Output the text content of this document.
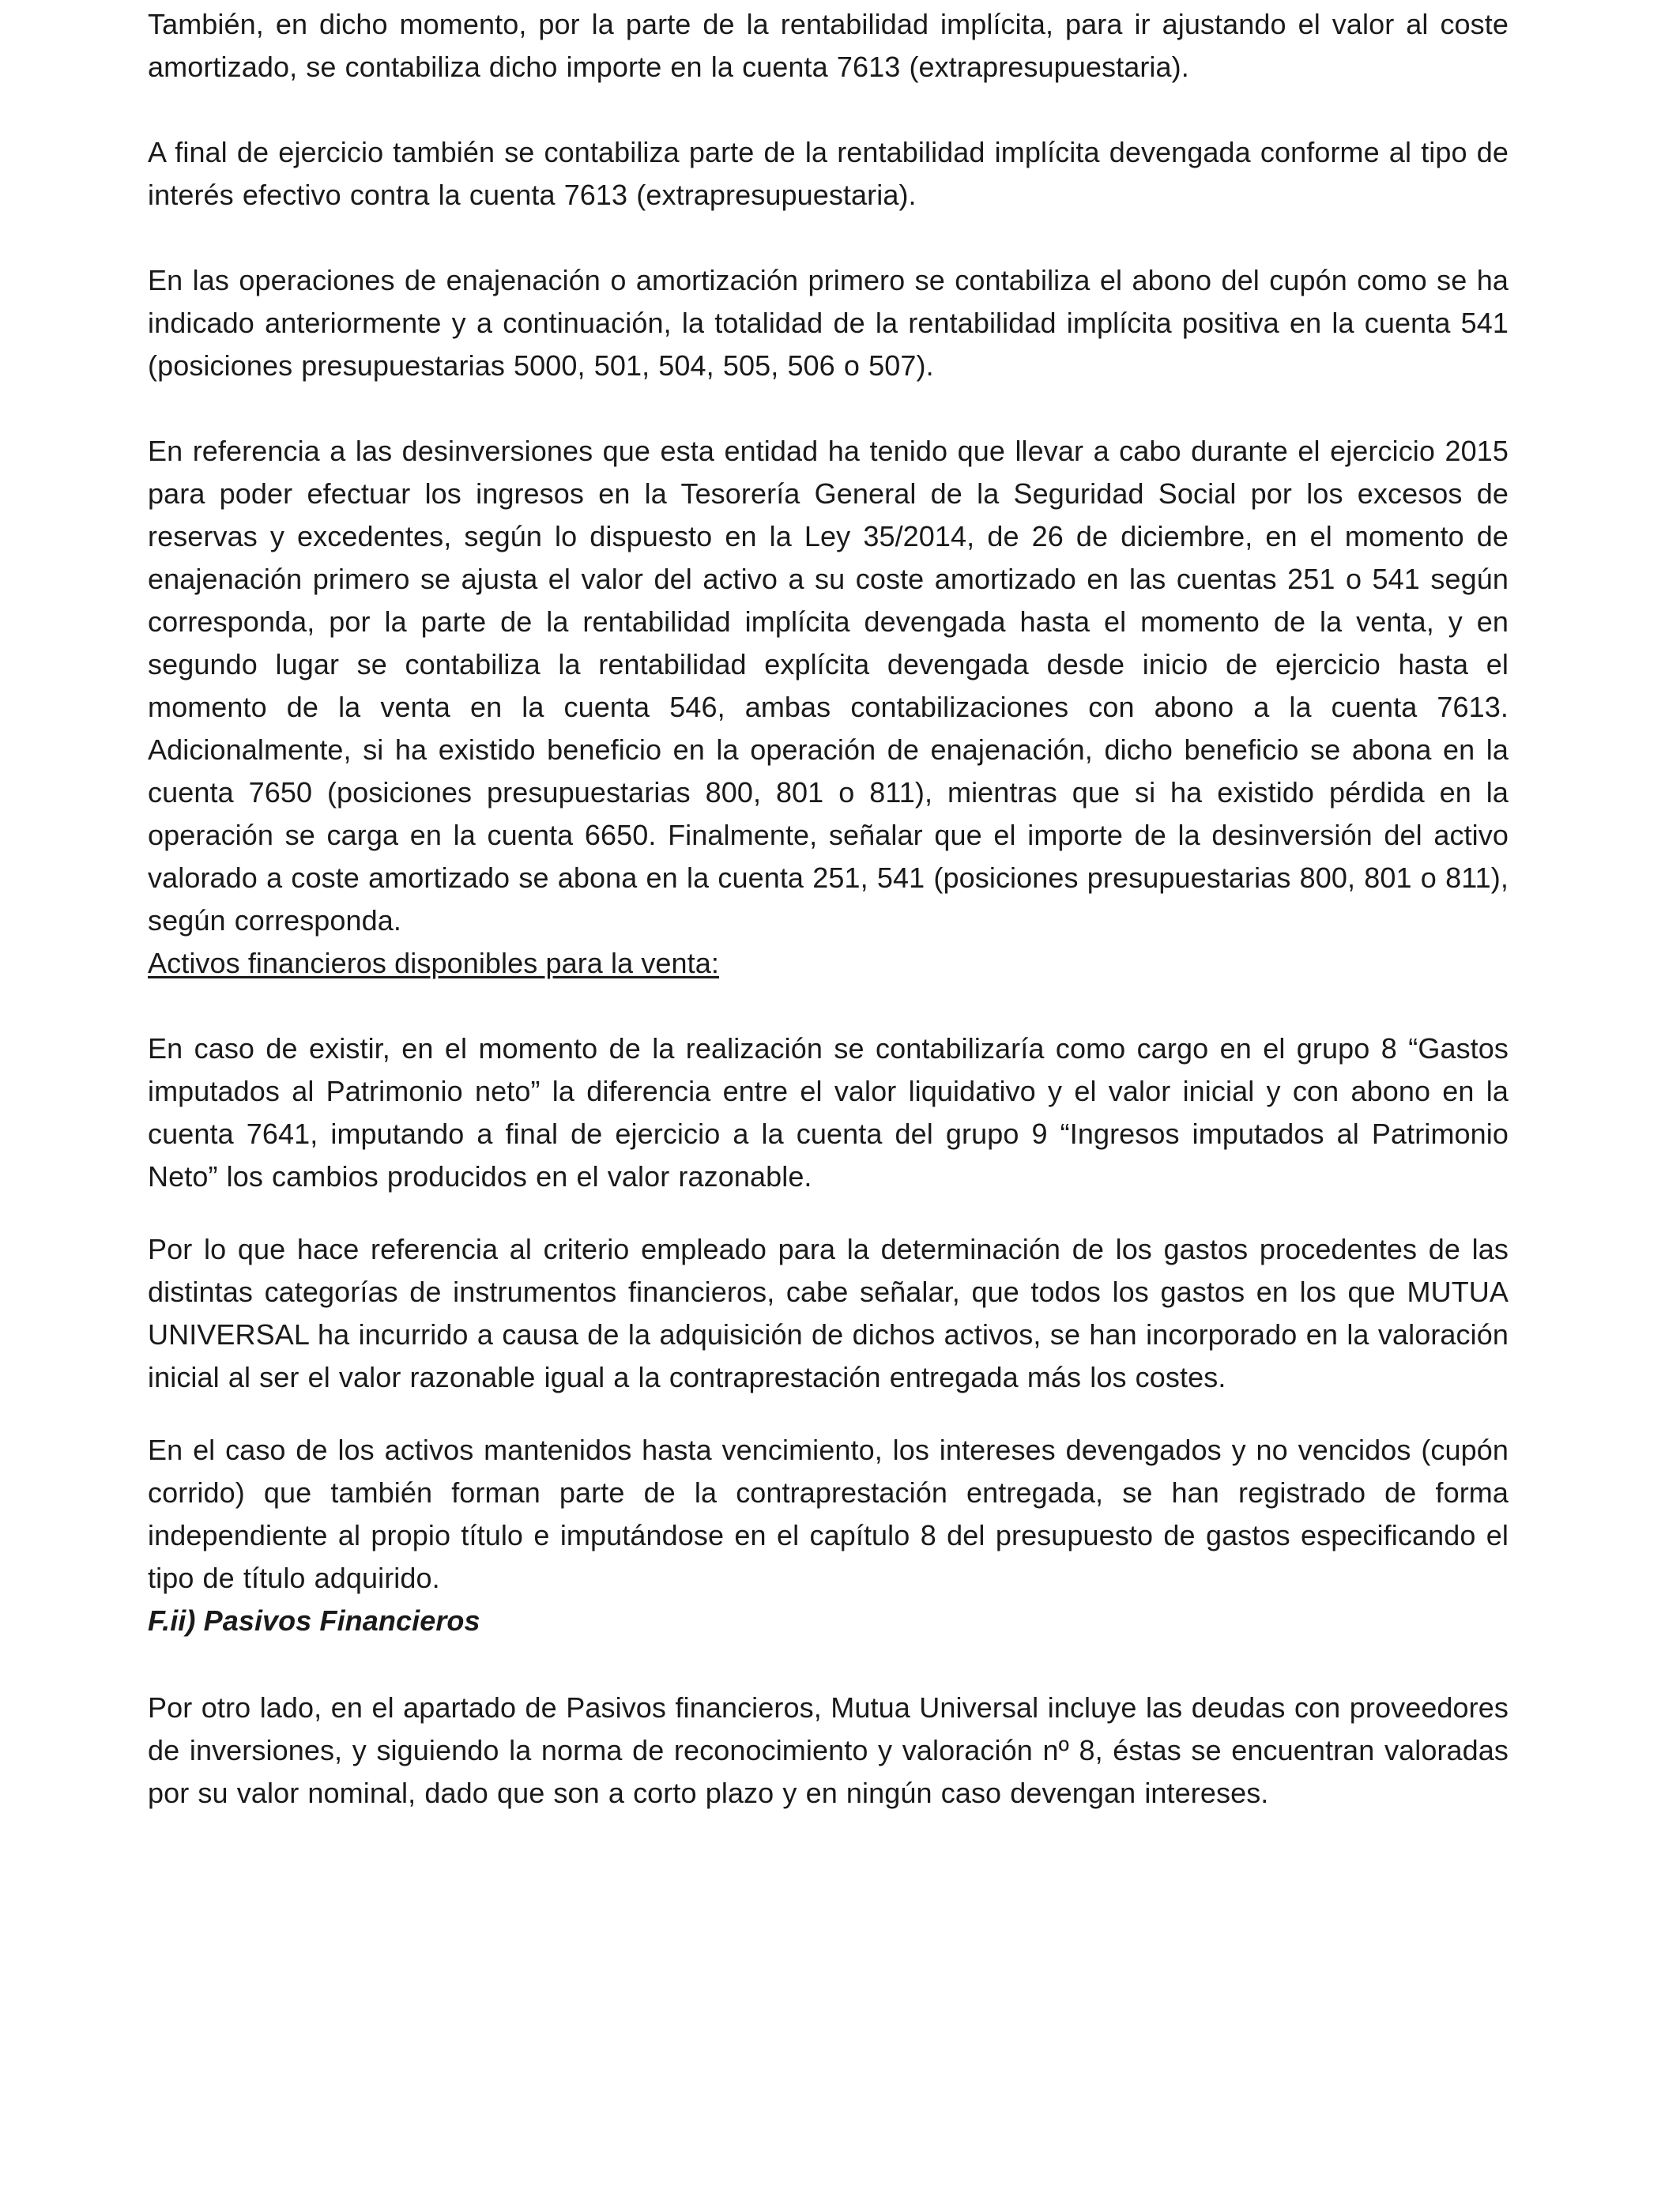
También, en dicho momento, por la parte de la rentabilidad implícita, para ir ajustando el valor al coste amortizado, se contabiliza dicho importe en la cuenta 7613 (extrapresupuestaria).

A final de ejercicio también se contabiliza parte de la rentabilidad implícita devengada conforme al tipo de interés efectivo contra la cuenta 7613 (extrapresupuestaria).

En las operaciones de enajenación o amortización primero se contabiliza el abono del cupón como se ha indicado anteriormente y a continuación, la totalidad de la rentabilidad implícita positiva en la cuenta 541 (posiciones presupuestarias 5000, 501, 504, 505, 506 o 507).

En referencia a las desinversiones que esta entidad ha tenido que llevar a cabo durante el ejercicio 2015 para poder efectuar los ingresos en la Tesorería General de la Seguridad Social por los excesos de reservas y excedentes, según lo dispuesto en la Ley 35/2014, de 26 de diciembre, en el momento de enajenación primero se ajusta el valor del activo a su coste amortizado en las cuentas 251 o 541 según corresponda, por la parte de la rentabilidad implícita devengada hasta el momento de la venta, y en segundo lugar se contabiliza la rentabilidad explícita devengada desde inicio de ejercicio hasta el momento de la venta en la cuenta 546, ambas contabilizaciones con abono a la cuenta 7613. Adicionalmente, si ha existido beneficio en la operación de enajenación, dicho beneficio se abona en la cuenta 7650 (posiciones presupuestarias 800, 801 o 811), mientras que si ha existido pérdida en la operación se carga en la cuenta 6650. Finalmente, señalar que el importe de la desinversión del activo valorado a coste amortizado se abona en la cuenta 251, 541 (posiciones presupuestarias 800, 801 o 811), según corresponda.

Activos financieros disponibles para la venta:

En caso de existir, en el momento de la realización se contabilizaría como cargo en el grupo 8 “Gastos imputados al Patrimonio neto” la diferencia entre el valor liquidativo y el valor inicial y con abono en la cuenta 7641, imputando a final de ejercicio a la cuenta del grupo 9 “Ingresos imputados al Patrimonio Neto” los cambios producidos en el valor razonable.

Por lo que hace referencia al criterio empleado para la determinación de los gastos procedentes de las distintas categorías de instrumentos financieros, cabe señalar, que todos los gastos en los que MUTUA UNIVERSAL ha incurrido a causa de la adquisición de dichos activos, se han incorporado en la valoración inicial al ser el valor razonable igual a la contraprestación entregada más los costes.

En el caso de los activos mantenidos hasta vencimiento, los intereses devengados y no vencidos (cupón corrido) que también forman parte de la contraprestación entregada, se han registrado de forma independiente al propio título e imputándose en el capítulo 8 del presupuesto de gastos especificando el tipo de título adquirido.

F.ii) Pasivos Financieros

Por otro lado, en el apartado de Pasivos financieros, Mutua Universal incluye las deudas con proveedores de inversiones, y siguiendo la norma de reconocimiento y valoración nº 8, éstas se encuentran valoradas por su valor nominal, dado que son a corto plazo y en ningún caso devengan intereses.
